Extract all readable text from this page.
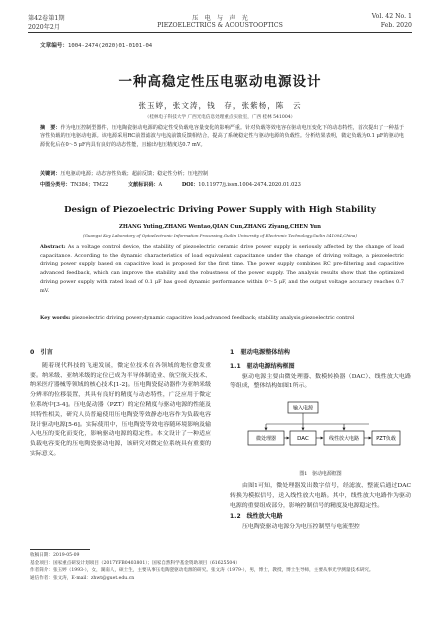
第42卷第1期	压　电　与　声　光	Vol. 42 No. 1
2020年2月	PIEZOELECTRICS & ACOUSTOOPTICS	Feb. 2020
文章编号：1004-2474(2020)01-0101-04
一种高稳定性压电驱动电源设计
张玉婷，张文涛，钱　存，张紫杨，陈　云
（桂林电子科技大学 广西光电信息处理重点实验室，广西 桂林 541004）
摘　要：作为电压控制型器件，压电陶瓷驱动电源的稳定性受负载电容量变化的影响严重。针对负载等效电容在驱动电压变化下的动态特性，首次提出了一种基于容性负载的压电驱动电源。该电源采用RC前置滤波与电流前馈反馈相结合，提高了系统稳定性与驱动电源的负载性。分析结果表明，微定负载为0.1 μF的驱动电源优化后在0～5 μF内具有良好的动态性能，且输出电压精度达0.7 mV。
关键词：压电驱动电源；动态容性负载；超前反馈；稳定性分析；压电控制
中图分类号：TN384；TM22	文献标识码：A	DOI：10.11977/j.issn.1004-2474.2020.01.023
Design of Piezoelectric Driving Power Supply with High Stability
ZHANG Yuting,ZHANG Wentao,QIAN Cun,ZHANG Ziyang,CHEN Yun
(Guangxi Key Laboratory of Optoelectronic Information Processing,Guilin University of Electronic Technology,Guilin 541004,China)
Abstract: As a voltage control device, the stability of piezoelectric ceramic drive power supply is seriously affected by the change of load capacitance. According to the dynamic characteristics of load equivalent capacitance under the change of driving voltage, a piezoelectric driving power supply based on capacitive load is proposed for the first time. The power supply combines RC pre-filtering and capacitive advanced feedback, which can improve the stability and the robustness of the power supply. The analysis results show that the optimized driving power supply with rated load of 0.1 μF has good dynamic performance within 0～5 μF, and the output voltage accuracy reaches 0.7 mV.
Key words: piezoelectric driving power;dynamic capacitive load;advanced feedback; stability analysis;piezoelectric control
0　引言

随着现代科技的飞速发展，微定位技术在各领域的地位愈发重要。纳米级、亚纳米级的定位已成为半导体制造业、航空航天技术、纳米医疗器械等领域的核心技术[1-2]。压电陶瓷促动器作为亚纳米级分辨率的位移装置，其具有良好的精度与动态特性，广泛应用于微定位系统中[3-4]。压电促动器（PZT）的定位精度与驱动电源的性能及其特性相关，研究人员普遍使用压电陶瓷等效静态电容作为负载电容设计驱动电源[5-6]。实际使用中，压电陶瓷等效电容随环境影响及输入电压的变化而变化，影响驱动电源的稳定性。本文设计了一种适应负载电容变化的压电陶瓷驱动电源，该研究对微定位系统具有重要的实际意义。

1　驱动电源整体结构
1.1　驱动电源结构框图

驱动电源主要由微处理器、数模转换器（DAC）、线性放大电路等组成，整体结构如图1所示。

输入电源
微处理器	DAC	线性放大电路	PZT负载
图1　驱动电源框图

由图1可知，微处理器发出数字信号，经滤波、整流后通过DAC转换为模拟信号，送入线性放大电路。其中，线性放大电路作为驱动电源的重要组成部分，影响控制信号的精度及电源稳定性。

1.2　线性放大电路

压电陶瓷驱动电源分为电压控制型与电流型控

收稿日期：2019-05-09
基金项目：国家重点研发计划项目（2017YFB0403801）；国家自然科学基金资助项目（61625504）
作者简介：张玉婷（1993-），女，湖南人，硕士生，主要从事压电陶瓷驱动电源的研究。张文涛（1979-），男，博士，教授，博士生导师，主要从事光学测量技术研究。
通信作者：张文涛，E-mail：zhwt@guet.edu.cn
